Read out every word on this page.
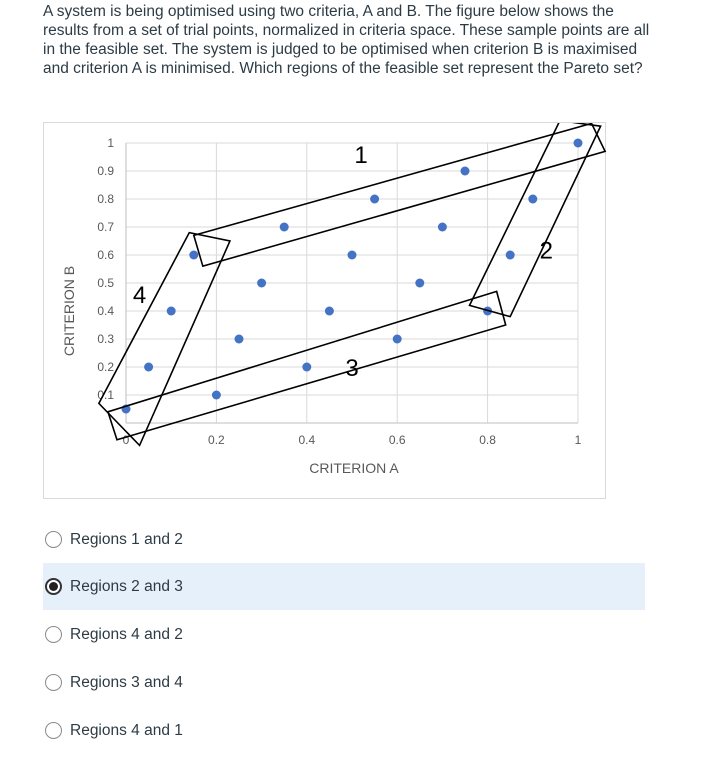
A system is being optimised using two criteria, A and B. The figure below shows the results from a set of trial points, normalized in criteria space. These sample points are all in the feasible set. The system is judged to be optimised when criterion B is maximised and criterion A is minimised. Which regions of the feasible set represent the Pareto set?

0.1
0.2
0.3
0.4
0.5
0.6
0.7
0.8
0.9
1
0	0.2	0.4	0.6	0.8	1
CRITERION A
CRITERION B
1
2
3
4
Regions 1 and 2
Regions 2 and 3
Regions 4 and 2
Regions 3 and 4
Regions 4 and 1
